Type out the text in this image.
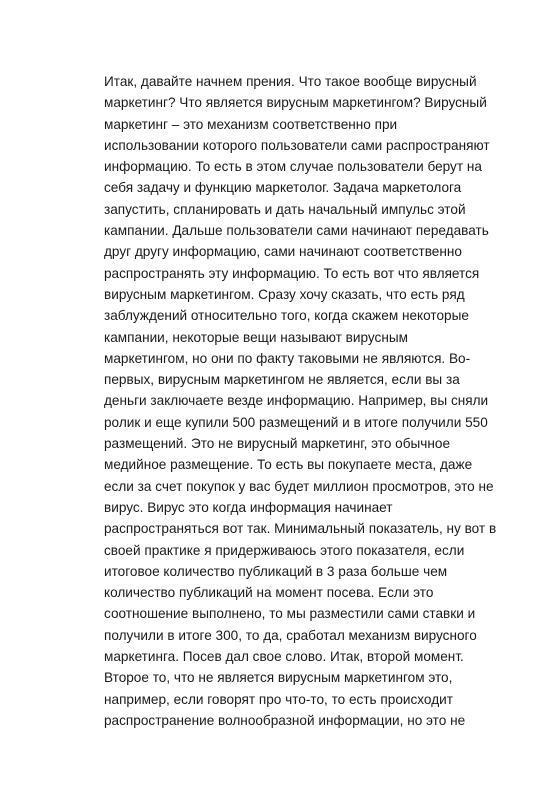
Итак, давайте начнем прения. Что такое вообще вирусный
маркетинг? Что является вирусным маркетингом? Вирусный
маркетинг – это механизм соответственно при
использовании которого пользователи сами распространяют
информацию. То есть в этом случае пользователи берут на
себя задачу и функцию маркетолог. Задача маркетолога
запустить, спланировать и дать начальный импульс этой
кампании. Дальше пользователи сами начинают передавать
друг другу информацию, сами начинают соответственно
распространять эту информацию. То есть вот что является
вирусным маркетингом. Сразу хочу сказать, что есть ряд
заблуждений относительно того, когда скажем некоторые
кампании, некоторые вещи называют вирусным
маркетингом, но они по факту таковыми не являются. Во-
первых, вирусным маркетингом не является, если вы за
деньги заключаете везде информацию. Например, вы сняли
ролик и еще купили 500 размещений и в итоге получили 550
размещений. Это не вирусный маркетинг, это обычное
медийное размещение. То есть вы покупаете места, даже
если за счет покупок у вас будет миллион просмотров, это не
вирус. Вирус это когда информация начинает
распространяться вот так. Минимальный показатель, ну вот в
своей практике я придерживаюсь этого показателя, если
итоговое количество публикаций в 3 раза больше чем
количество публикаций на момент посева. Если это
соотношение выполнено, то мы разместили сами ставки и
получили в итоге 300, то да, сработал механизм вирусного
маркетинга. Посев дал свое слово. Итак, второй момент.
Второе то, что не является вирусным маркетингом это,
например, если говорят про что-то, то есть происходит
распространение волнообразной информации, но это не
